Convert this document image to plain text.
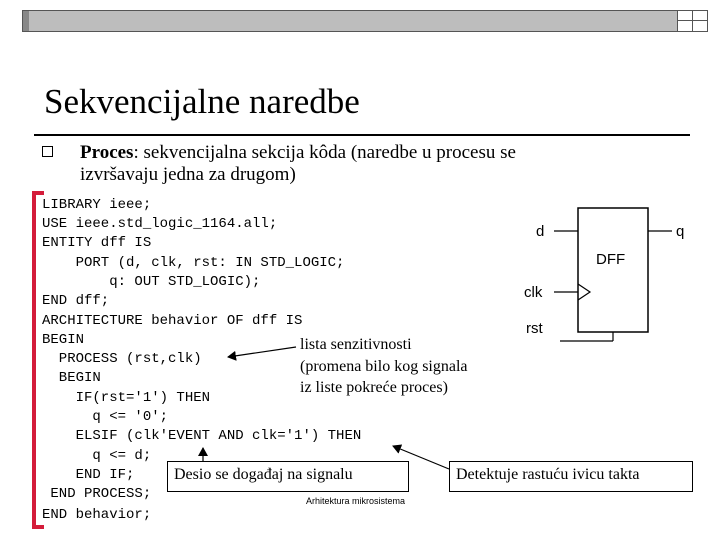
Sekvencijalne naredbe
Proces: sekvencijalna sekcija kôda (naredbe u procesu se
izvršavaju jedna za drugom)
LIBRARY ieee;
USE ieee.std_logic_1164.all;
ENTITY dff IS
PORT (d, clk, rst: IN STD_LOGIC;
q: OUT STD_LOGIC);
END dff;
ARCHITECTURE behavior OF dff IS
BEGIN
PROCESS (rst,clk)
BEGIN
IF(rst='1') THEN
q <= '0';
ELSIF (clk'EVENT AND clk='1') THEN
q <= d;
END IF;
END PROCESS;
END behavior;
DFF
d	q
clk
rst
lista senzitivnosti
(promena bilo kog signala
iz liste pokreće proces)
Desio se događaj na signalu	Detektuje rastuću ivicu takta
Arhitektura mikrosistema
